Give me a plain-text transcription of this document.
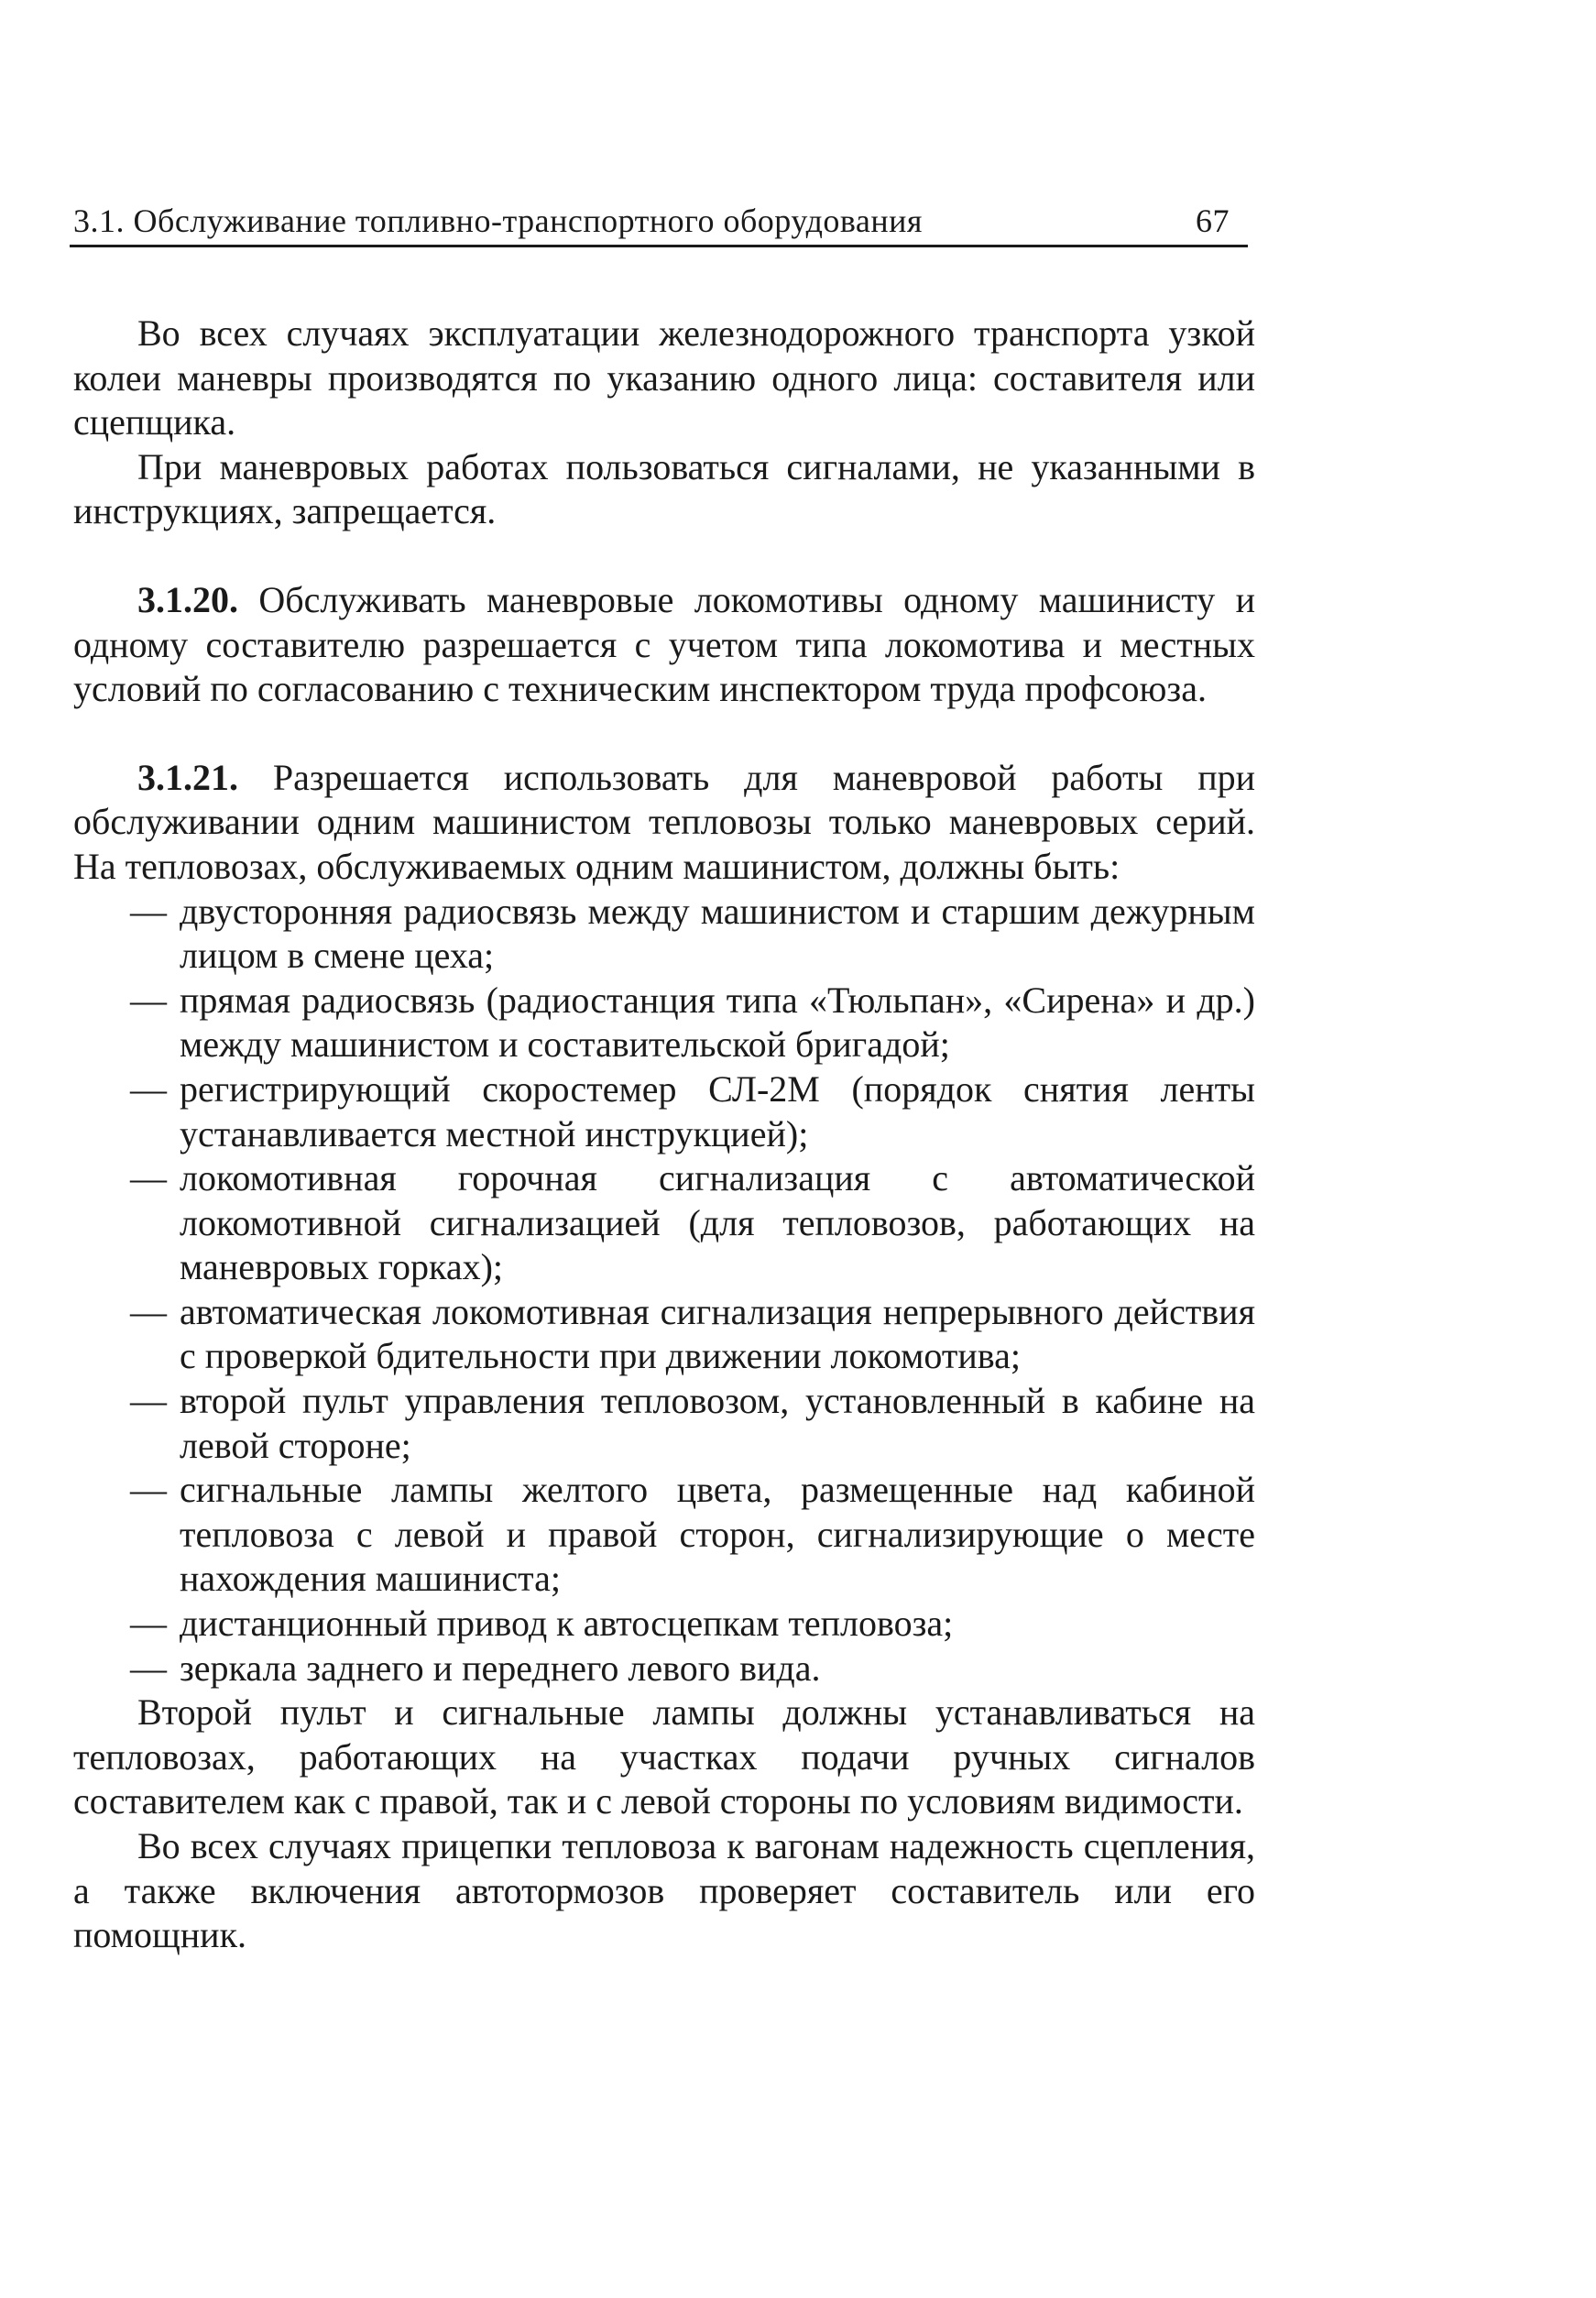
3.1. Обслуживание топливно-транспортного оборудования	67

Во всех случаях эксплуатации железнодорожного транспорта узкой колеи маневры производятся по указанию одного лица: составителя или сцепщика.

При маневровых работах пользоваться сигналами, не указанными в инструкциях, запрещается.

3.1.20. Обслуживать маневровые локомотивы одному машинисту и одному составителю разрешается с учетом типа локомотива и местных условий по согласованию с техническим инспектором труда профсоюза.

3.1.21. Разрешается использовать для маневровой работы при обслуживании одним машинистом тепловозы только маневровых серий. На тепловозах, обслуживаемых одним машинистом, должны быть:

— двусторонняя радиосвязь между машинистом и старшим дежурным лицом в смене цеха;
— прямая радиосвязь (радиостанция типа «Тюльпан», «Сирена» и др.) между машинистом и составительской бригадой;
— регистрирующий скоростемер СЛ-2М (порядок снятия ленты устанавливается местной инструкцией);
— локомотивная горочная сигнализация с автоматической локомотивной сигнализацией (для тепловозов, работающих на маневровых горках);
— автоматическая локомотивная сигнализация непрерывного действия с проверкой бдительности при движении локомотива;
— второй пульт управления тепловозом, установленный в кабине на левой стороне;
— сигнальные лампы желтого цвета, размещенные над кабиной тепловоза с левой и правой сторон, сигнализирующие о месте нахождения машиниста;
— дистанционный привод к автосцепкам тепловоза;
— зеркала заднего и переднего левого вида.

Второй пульт и сигнальные лампы должны устанавливаться на тепловозах, работающих на участках подачи ручных сигналов составителем как с правой, так и с левой стороны по условиям видимости.

Во всех случаях прицепки тепловоза к вагонам надежность сцепления, а также включения автотормозов проверяет составитель или его помощник.
